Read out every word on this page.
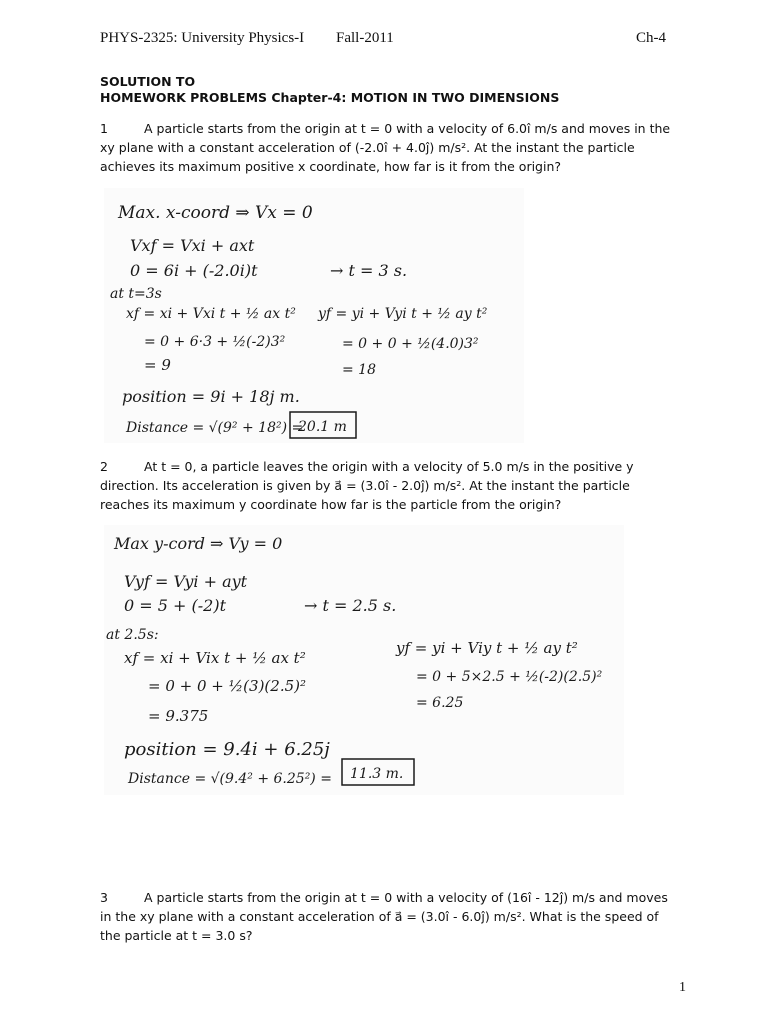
PHYS-2325: University Physics-I Fall-2011	Ch-4
SOLUTION TO
HOMEWORK PROBLEMS Chapter-4: MOTION IN TWO DIMENSIONS
1	A particle starts from the origin at t = 0 with a velocity of 6.0î m/s and moves in the xy plane with a constant acceleration of (-2.0î + 4.0ĵ) m/s². At the instant the particle achieves its maximum positive x coordinate, how far is it from the origin?
Max. x-coord ⇒ Vx = 0
Vxf = Vxi + axt
0 = 6i + (-2.0i)t	→ t = 3 s.
at t=3s
xf = xi + Vxi t + ½ ax t² yf = yi + Vyi t + ½ ay t²
= 0 + 6·3 + ½(-2)3²	= 0 + 0 + ½(4.0)3²
= 9	= 18
position = 9i + 18j m.
Distance = √(9² + 18²) =
20.1 m
2	At t = 0, a particle leaves the origin with a velocity of 5.0 m/s in the positive y direction. Its acceleration is given by a⃗ = (3.0î - 2.0ĵ) m/s². At the instant the particle reaches its maximum y coordinate how far is the particle from the origin?
Max y-cord ⇒ Vy = 0
Vyf = Vyi + ayt
0 = 5 + (-2)t	→ t = 2.5 s.
at 2.5s:
xf = xi + Vix t + ½ ax t²
yf = yi + Viy t + ½ ay t²
= 0 + 0 + ½(3)(2.5)²	= 0 + 5×2.5 + ½(-2)(2.5)²
= 9.375
= 6.25
position = 9.4i + 6.25j
Distance = √(9.4² + 6.25²) = 11.3 m.
3	A particle starts from the origin at t = 0 with a velocity of (16î - 12ĵ) m/s and moves in the xy plane with a constant acceleration of a⃗ = (3.0î - 6.0ĵ) m/s². What is the speed of the particle at t = 3.0 s?
1
